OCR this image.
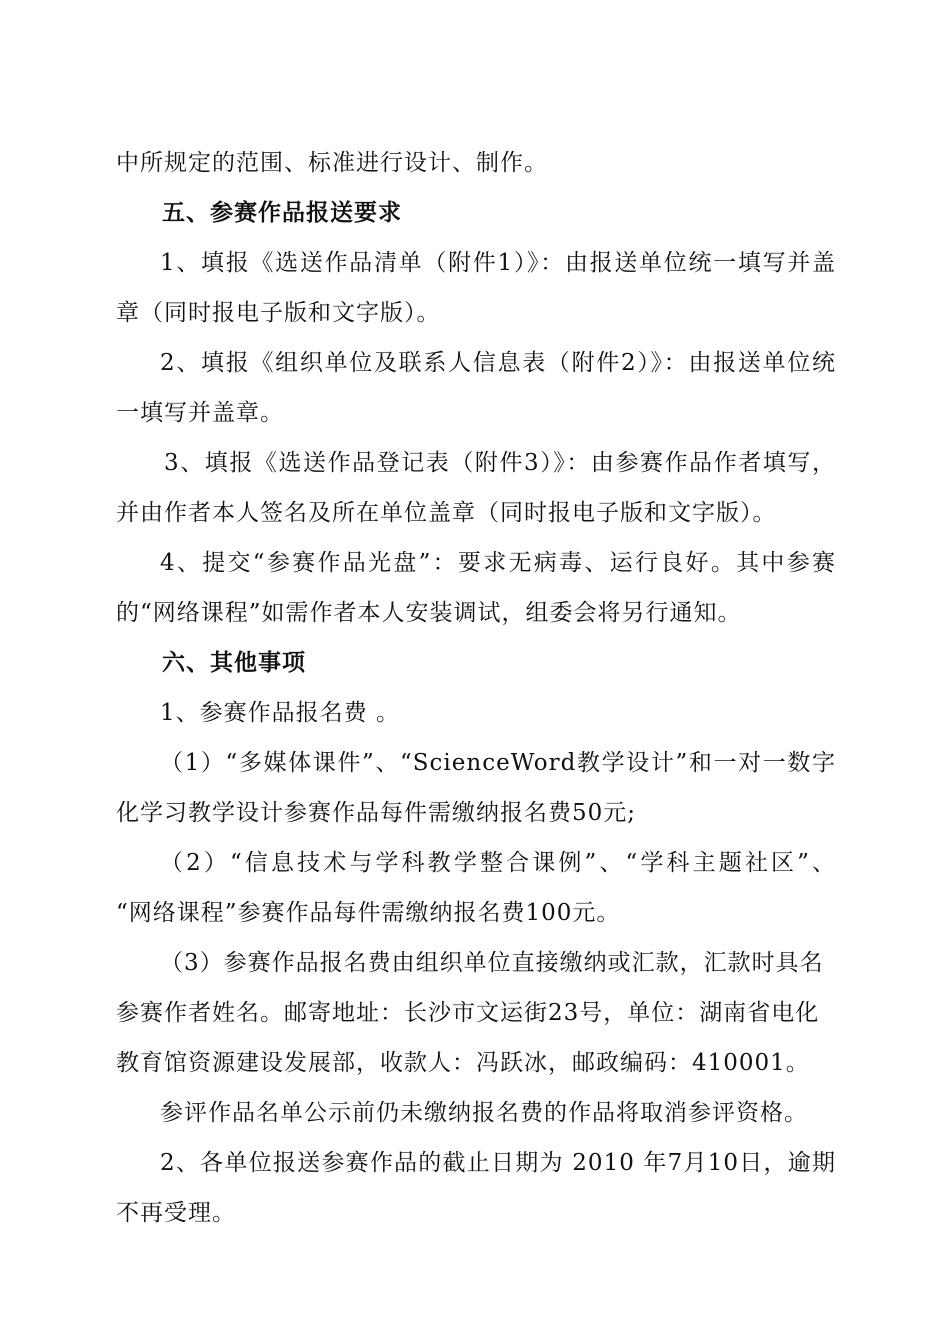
中所规定的范围、标准进行设计、制作。
五、参赛作品报送要求
1、填报《选送作品清单（附件1）》：由报送单位统一填写并盖
章（同时报电子版和文字版）。
2、填报《组织单位及联系人信息表（附件2）》：由报送单位统
一填写并盖章。
3、填报《选送作品登记表（附件3）》：由参赛作品作者填写，
并由作者本人签名及所在单位盖章（同时报电子版和文字版）。
4、提交“参赛作品光盘”：要求无病毒、运行良好。其中参赛
的“网络课程”如需作者本人安装调试，组委会将另行通知。
六、其他事项
1、参赛作品报名费 。
（1）“多媒体课件”、“ScienceWord教学设计”和一对一数字
化学习教学设计参赛作品每件需缴纳报名费50元;
（2）“信息技术与学科教学整合课例”、“学科主题社区”、
“网络课程”参赛作品每件需缴纳报名费100元。
（3）参赛作品报名费由组织单位直接缴纳或汇款，汇款时具名
参赛作者姓名。邮寄地址：长沙市文运街23号，单位：湖南省电化
教育馆资源建设发展部，收款人：冯跃冰，邮政编码：410001。
参评作品名单公示前仍未缴纳报名费的作品将取消参评资格。
2、各单位报送参赛作品的截止日期为 2010 年7月10日，逾期
不再受理。
